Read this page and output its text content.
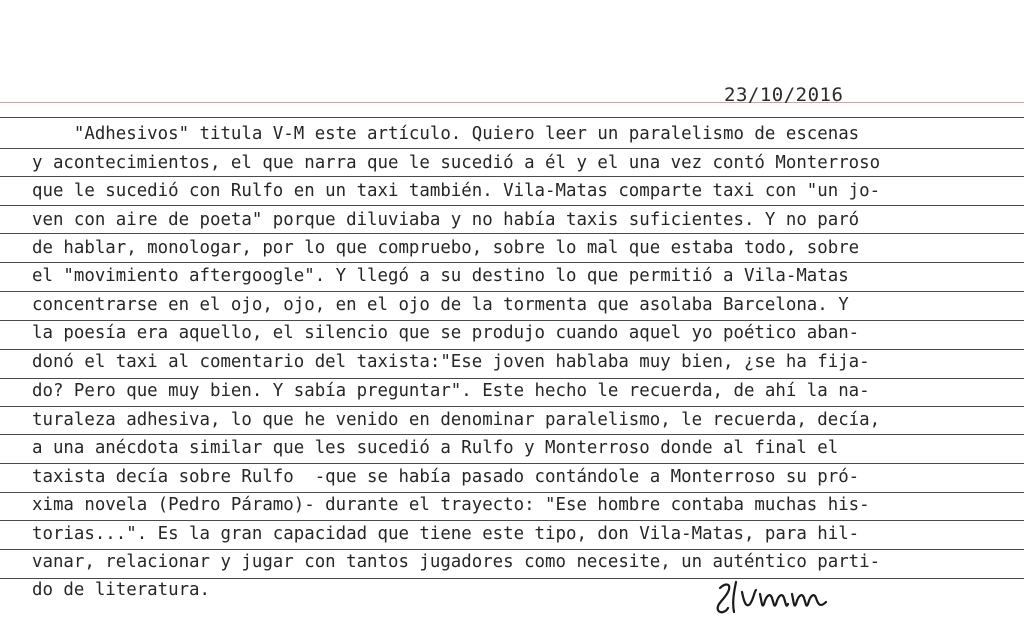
23/10/2016
"Adhesivos" titula V-M este artículo. Quiero leer un paralelismo de escenas
y acontecimientos, el que narra que le sucedió a él y el una vez contó Monterroso
que le sucedió con Rulfo en un taxi también. Vila-Matas comparte taxi con "un jo-
ven con aire de poeta" porque diluviaba y no había taxis suficientes. Y no paró
de hablar, monologar, por lo que compruebo, sobre lo mal que estaba todo, sobre
el "movimiento aftergoogle". Y llegó a su destino lo que permitió a Vila-Matas
concentrarse en el ojo, ojo, en el ojo de la tormenta que asolaba Barcelona. Y
la poesía era aquello, el silencio que se produjo cuando aquel yo poético aban-
donó el taxi al comentario del taxista:"Ese joven hablaba muy bien, ¿se ha fija-
do? Pero que muy bien. Y sabía preguntar". Este hecho le recuerda, de ahí la na-
turaleza adhesiva, lo que he venido en denominar paralelismo, le recuerda, decía,
a una anécdota similar que les sucedió a Rulfo y Monterroso donde al final el
taxista decía sobre Rulfo  -que se había pasado contándole a Monterroso su pró-
xima novela (Pedro Páramo)- durante el trayecto: "Ese hombre contaba muchas his-
torias...". Es la gran capacidad que tiene este tipo, don Vila-Matas, para hil-
vanar, relacionar y jugar con tantos jugadores como necesite, un auténtico parti-
do de literatura.
